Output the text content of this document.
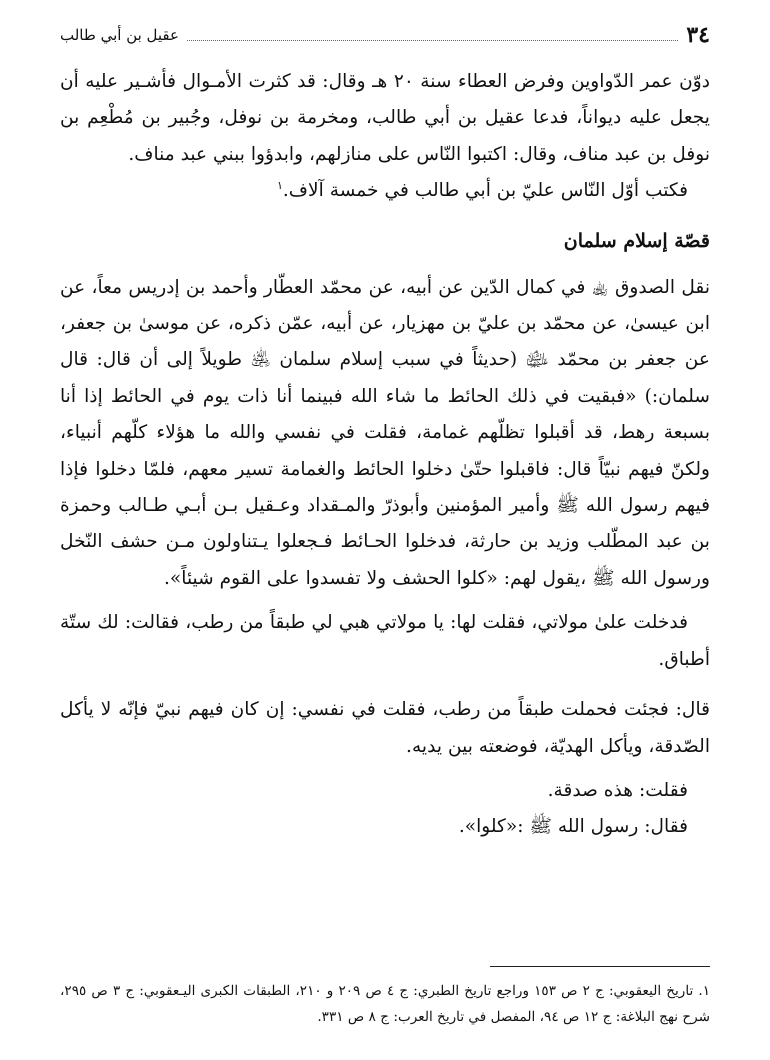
٣٤
عقيل بن أبي طالب

دوّن عمر الدّواوين وفرض العطاء سنة ٢٠ هـ وقال: قد كثرت الأمـوال فأشـير عليه أن يجعل عليه ديواناً، فدعا عقيل بن أبي طالب، ومخرمة بن نوفل، وجُبير بن مُطْعِم بن نوفل بن عبد مناف، وقال: اكتبوا النّاس على منازلهم، وابدؤوا ببني عبد مناف.

فكتب أوّل النّاس عليّ بن أبي طالب في خمسة آلاف.$^١$

قصّة إسلام سلمان

نقل الصدوق ﵀ في كمال الدّين عن أبيه، عن محمّد العطّار وأحمد بن إدريس معاً، عن ابن عيسىٰ، عن محمّد بن عليّ بن مهزيار، عن أبيه، عمّن ذكره، عن موسىٰ بن جعفر، عن جعفر بن محمّد ﵉ (حديثاً في سبب إسلام سلمان ﵁ طويلاً إلى أن قال: قال سلمان:) «فبقيت في ذلك الحائط ما شاء الله فبينما أنا ذات يوم في الحائط إذا أنا بسبعة رهط، قد أقبلوا تظلّهم غمامة، فقلت في نفسي والله ما هؤلاء كلّهم أنبياء، ولكنّ فيهم نبيّاً قال: فاقبلوا حتّىٰ دخلوا الحائط والغمامة تسير معهم، فلمّا دخلوا فإذا فيهم رسول الله ﷺ وأمير المؤمنين وأبوذرّ والمـقداد وعـقيل بـن أبـي طـالب وحمزة بن عبد المطّلب وزيد بن حارثة، فدخلوا الحـائط فـجعلوا يـتناولون مـن حشف النّخل ورسول الله ﷺ ،يقول لهم: «كلوا الحشف ولا تفسدوا على القوم شيئاً».

فدخلت علىٰ مولاتي، فقلت لها: يا مولاتي هبي لي طبقاً من رطب، فقالت: لك ستّة أطباق.

قال: فجئت فحملت طبقاً من رطب، فقلت في نفسي: إن كان فيهم نبيّ فإنّه لا يأكل الصّدقة، ويأكل الهديّة، فوضعته بين يديه.

فقلت: هذه صدقة.

فقال: رسول الله ﷺ :«كلوا».

١. تاريخ اليعقوبي: ج ٢ ص ١٥٣ وراجع تاريخ الطبري: ج ٤ ص ٢٠٩ و ٢١٠، الطبقات الكبرى اليـعقوبي: ج ٣ ص ٢٩٥، شرح نهج البلاغة: ج ١٢ ص ٩٤، المفصل في تاريخ العرب: ج ٨ ص ٣٣١.
